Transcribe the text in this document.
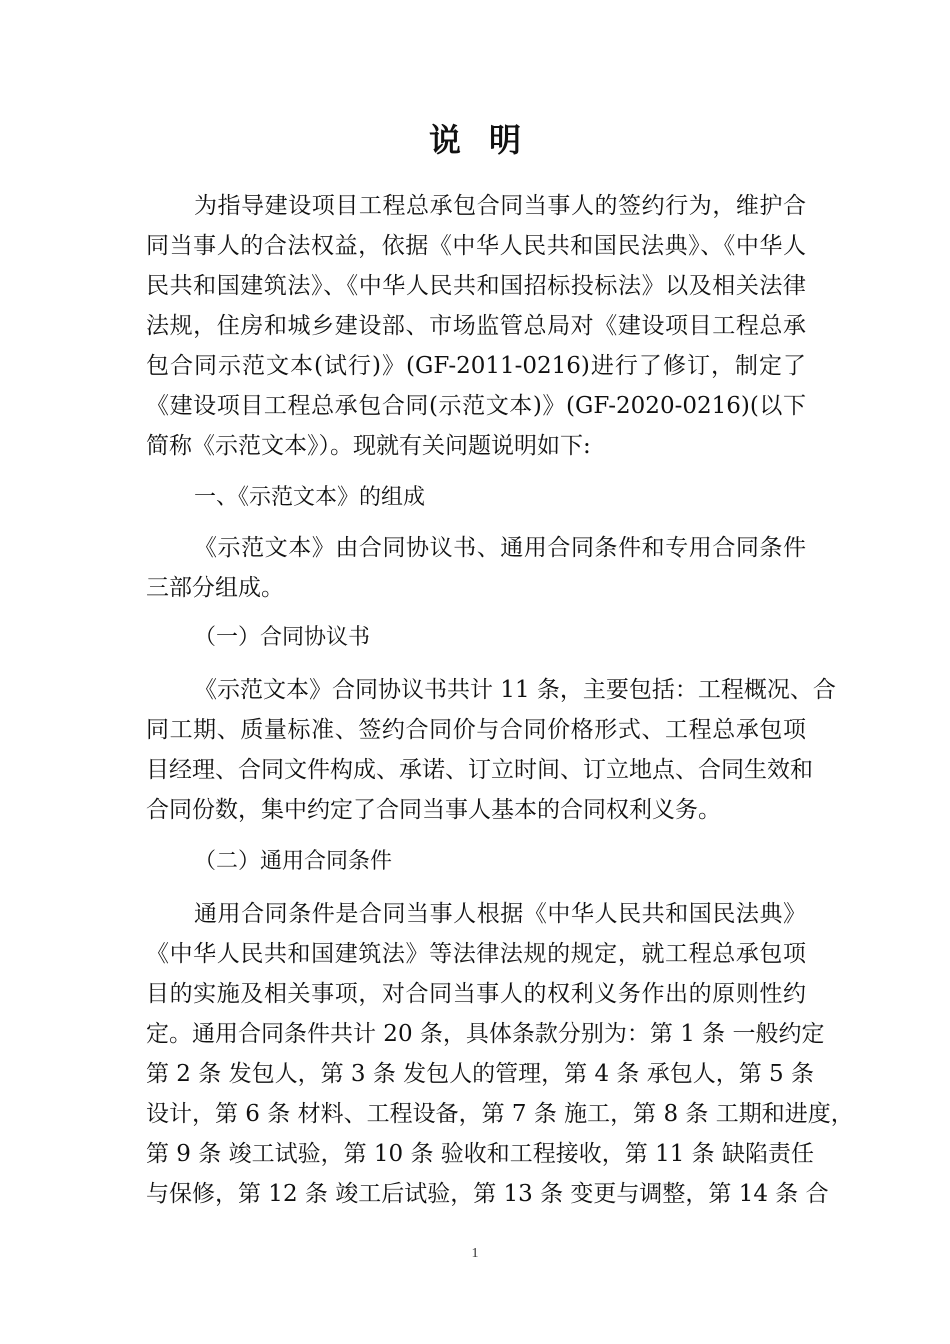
说明
为指导建设项目工程总承包合同当事人的签约行为，维护合
同当事人的合法权益，依据《中华人民共和国民法典》、《中华人
民共和国建筑法》、《中华人民共和国招标投标法》以及相关法律
法规，住房和城乡建设部、市场监管总局对《建设项目工程总承
包合同示范文本(试行)》(GF-2011-0216)进行了修订，制定了
《建设项目工程总承包合同(示范文本)》(GF-2020-0216)(以下
简称《示范文本》）。现就有关问题说明如下:
一、《示范文本》的组成
《示范文本》由合同协议书、通用合同条件和专用合同条件
三部分组成。
（一）合同协议书
《示范文本》合同协议书共计 11 条，主要包括：工程概况、合
同工期、质量标准、签约合同价与合同价格形式、工程总承包项
目经理、合同文件构成、承诺、订立时间、订立地点、合同生效和
合同份数，集中约定了合同当事人基本的合同权利义务。
（二）通用合同条件
通用合同条件是合同当事人根据《中华人民共和国民法典》
《中华人民共和国建筑法》等法律法规的规定，就工程总承包项
目的实施及相关事项，对合同当事人的权利义务作出的原则性约
定。通用合同条件共计 20 条，具体条款分别为：第 1 条 一般约定
第 2 条 发包人，第 3 条 发包人的管理，第 4 条 承包人，第 5 条
设计，第 6 条 材料、工程设备，第 7 条 施工，第 8 条 工期和进度，
第 9 条 竣工试验，第 10 条 验收和工程接收，第 11 条 缺陷责任
与保修，第 12 条 竣工后试验，第 13 条 变更与调整，第 14 条 合
1
